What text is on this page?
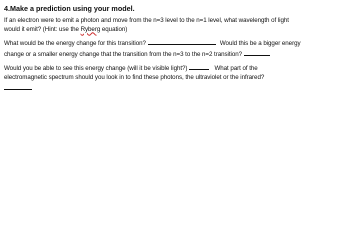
4.Make a prediction using your model.
If an electron were to emit a photon and move from the n=3 level to the n=1 level, what wavelength of light
would it emit? (Hint: use the Ryberg equation)
What would be the energy change for this transition?	Would this be a bigger energy
change or a smaller energy change that the transition from the n=3 to the n=2 transition?
Would you be able to see this energy change (will it be visible light?)	What part of the
electromagnetic spectrum should you look in to find these photons, the ultraviolet or the infrared?
